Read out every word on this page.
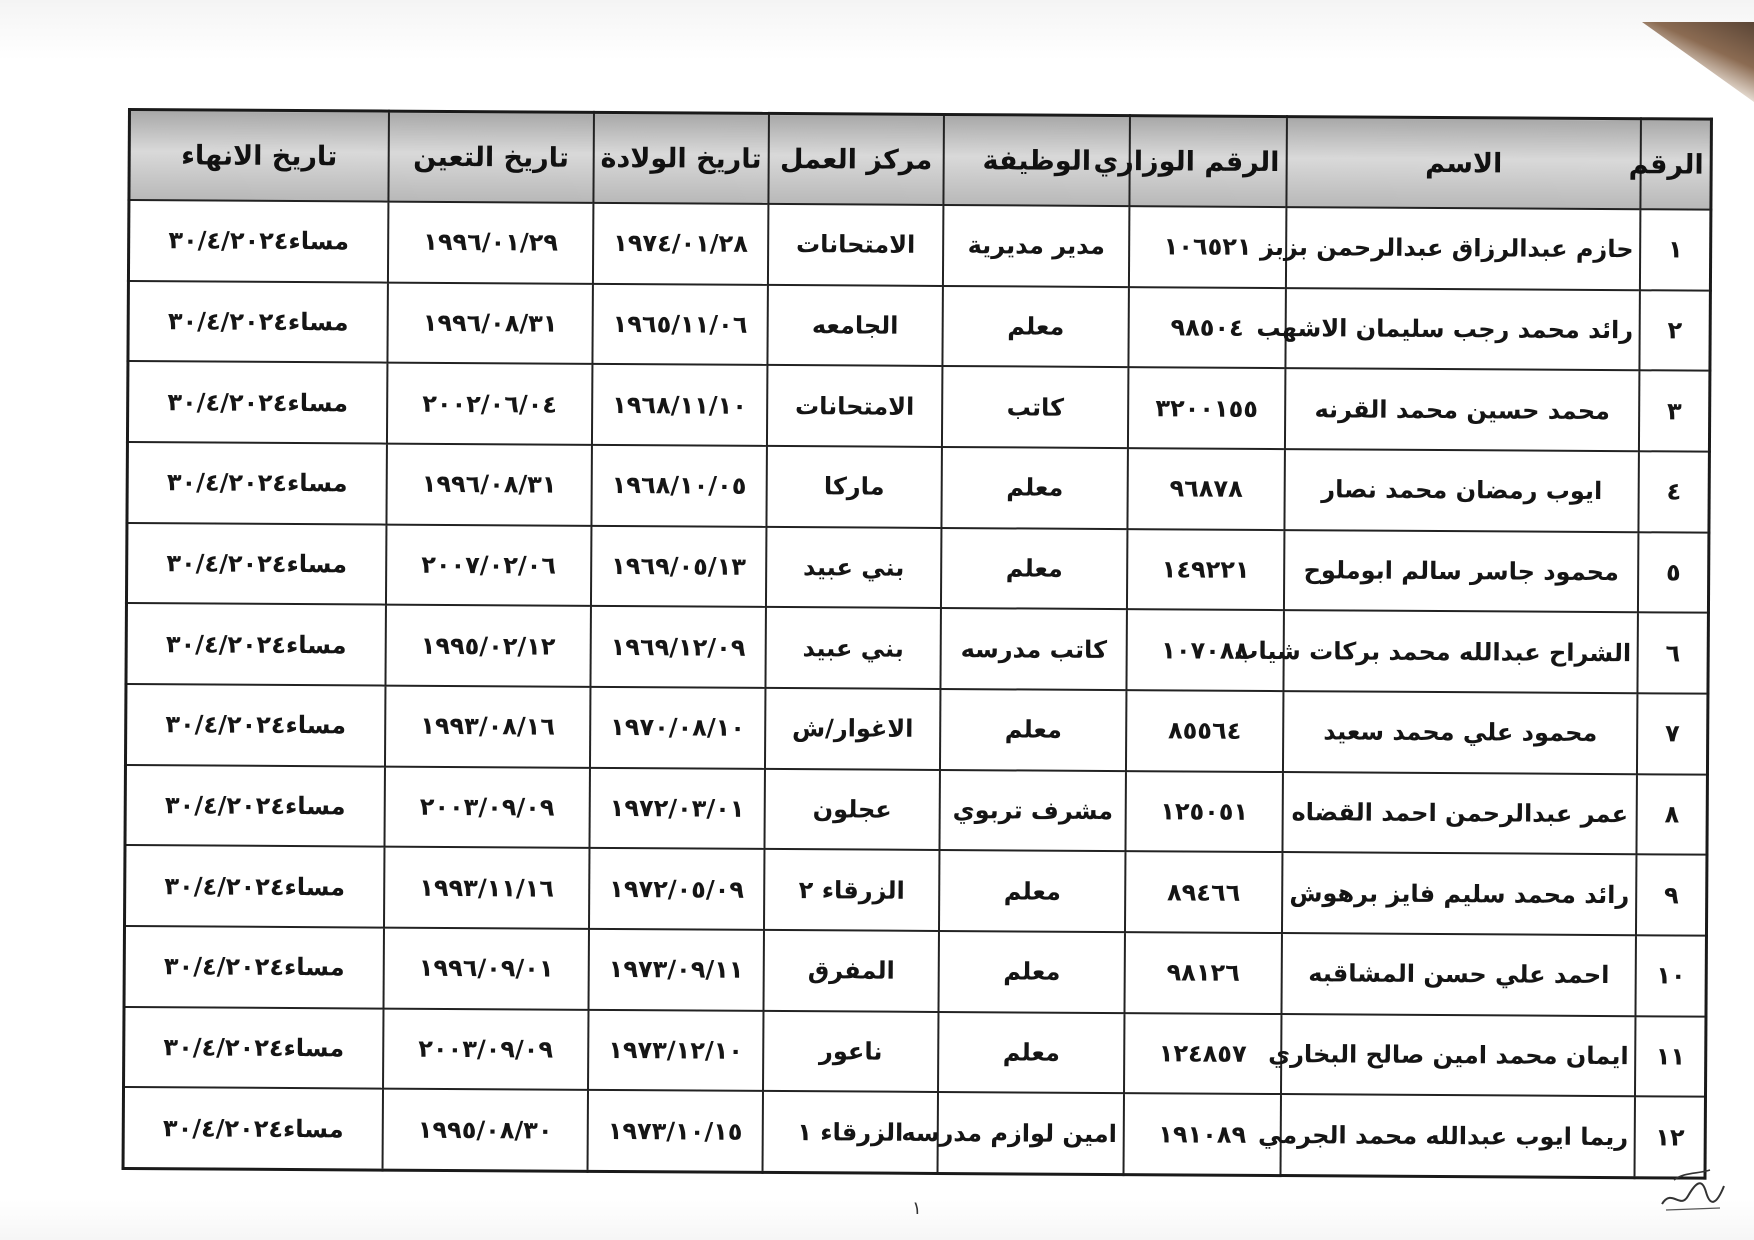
الرقم	الاسم	الرقم الوزاري	الوظيفة	مركز العمل	تاريخ الولادة	تاريخ التعين	تاريخ الانهاء
١	حازم عبدالرزاق عبدالرحمن بزبز	١٠٦٥٢١	مدير مديرية	الامتحانات	١٩٧٤/٠١/٢٨	١٩٩٦/٠١/٢٩	مساء٣٠/٤/٢٠٢٤
٢	رائد محمد رجب سليمان الاشهب	٩٨٥٠٤	معلم	الجامعه	١٩٦٥/١١/٠٦	١٩٩٦/٠٨/٣١	مساء٣٠/٤/٢٠٢٤
٣	محمد حسين محمد القرنه	٣٢٠٠١٥٥	كاتب	الامتحانات	١٩٦٨/١١/١٠	٢٠٠٢/٠٦/٠٤	مساء٣٠/٤/٢٠٢٤
٤	ايوب رمضان محمد نصار	٩٦٨٧٨	معلم	ماركا	١٩٦٨/١٠/٠٥	١٩٩٦/٠٨/٣١	مساء٣٠/٤/٢٠٢٤
٥	محمود جاسر سالم ابوملوح	١٤٩٢٢١	معلم	بني عبيد	١٩٦٩/٠٥/١٣	٢٠٠٧/٠٢/٠٦	مساء٣٠/٤/٢٠٢٤
٦	الشراح عبدالله محمد بركات شياب	١٠٧٠٨٨	كاتب مدرسه	بني عبيد	١٩٦٩/١٢/٠٩	١٩٩٥/٠٢/١٢	مساء٣٠/٤/٢٠٢٤
٧	محمود علي محمد سعيد	٨٥٥٦٤	معلم	الاغوار/ش	١٩٧٠/٠٨/١٠	١٩٩٣/٠٨/١٦	مساء٣٠/٤/٢٠٢٤
٨	عمر عبدالرحمن احمد القضاه	١٢٥٠٥١	مشرف تربوي	عجلون	١٩٧٢/٠٣/٠١	٢٠٠٣/٠٩/٠٩	مساء٣٠/٤/٢٠٢٤
٩	رائد محمد سليم فايز برهوش	٨٩٤٦٦	معلم	الزرقاء ٢	١٩٧٢/٠٥/٠٩	١٩٩٣/١١/١٦	مساء٣٠/٤/٢٠٢٤
١٠	احمد علي حسن المشاقبه	٩٨١٢٦	معلم	المفرق	١٩٧٣/٠٩/١١	١٩٩٦/٠٩/٠١	مساء٣٠/٤/٢٠٢٤
١١	ايمان محمد امين صالح البخاري	١٢٤٨٥٧	معلم	ناعور	١٩٧٣/١٢/١٠	٢٠٠٣/٠٩/٠٩	مساء٣٠/٤/٢٠٢٤
١٢	ريما ايوب عبدالله محمد الجرمي	١٩١٠٨٩	امين لوازم مدرسه	الزرقاء ١	١٩٧٣/١٠/١٥	١٩٩٥/٠٨/٣٠	مساء٣٠/٤/٢٠٢٤
١
